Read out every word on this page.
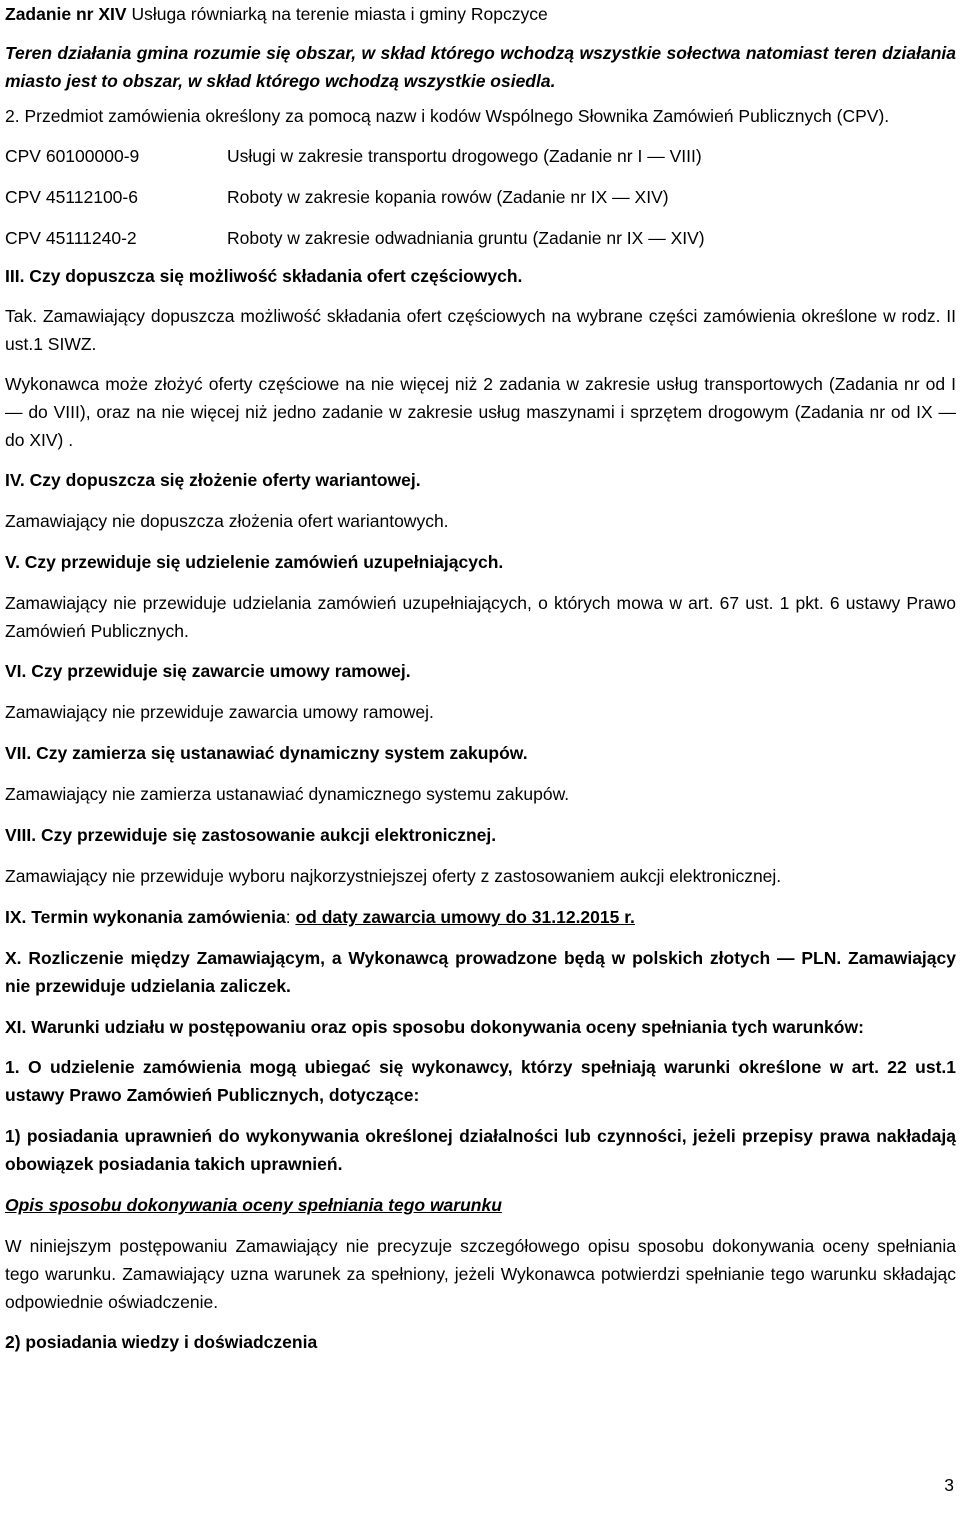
Zadanie nr XIV Usługa równiarką na terenie miasta i gminy Ropczyce

Teren działania gmina rozumie się obszar, w skład którego wchodzą wszystkie sołectwa natomiast teren działania miasto jest to obszar, w skład którego wchodzą wszystkie osiedla.

2. Przedmiot zamówienia określony za pomocą nazw i kodów Wspólnego Słownika Zamówień Publicznych (CPV).

CPV 60100000-9	Usługi w zakresie transportu drogowego (Zadanie nr I — VIII)
CPV 45112100-6	Roboty w zakresie kopania rowów (Zadanie nr IX — XIV)
CPV 45111240-2	Roboty w zakresie odwadniania gruntu (Zadanie nr IX — XIV)

III. Czy dopuszcza się możliwość składania ofert częściowych.

Tak. Zamawiający dopuszcza możliwość składania ofert częściowych na wybrane części zamówienia określone w rodz. II ust.1 SIWZ.

Wykonawca może złożyć oferty częściowe na nie więcej niż 2 zadania w zakresie usług transportowych (Zadania nr od I — do VIII), oraz na nie więcej niż jedno zadanie w zakresie usług maszynami i sprzętem drogowym (Zadania nr od IX — do XIV) .

IV. Czy dopuszcza się złożenie oferty wariantowej.

Zamawiający nie dopuszcza złożenia ofert wariantowych.

V. Czy przewiduje się udzielenie zamówień uzupełniających.

Zamawiający nie przewiduje udzielania zamówień uzupełniających, o których mowa w art. 67 ust. 1 pkt. 6 ustawy Prawo Zamówień Publicznych.

VI. Czy przewiduje się zawarcie umowy ramowej.

Zamawiający nie przewiduje zawarcia umowy ramowej.

VII. Czy zamierza się ustanawiać dynamiczny system zakupów.

Zamawiający nie zamierza ustanawiać dynamicznego systemu zakupów.

VIII. Czy przewiduje się zastosowanie aukcji elektronicznej.

Zamawiający nie przewiduje wyboru najkorzystniejszej oferty z zastosowaniem aukcji elektronicznej.

IX. Termin wykonania zamówienia: od daty zawarcia umowy do 31.12.2015 r.

X. Rozliczenie między Zamawiającym, a Wykonawcą prowadzone będą w polskich złotych — PLN. Zamawiający nie przewiduje udzielania zaliczek.

XI. Warunki udziału w postępowaniu oraz opis sposobu dokonywania oceny spełniania tych warunków:

1. O udzielenie zamówienia mogą ubiegać się wykonawcy, którzy spełniają warunki określone w art. 22 ust.1 ustawy Prawo Zamówień Publicznych, dotyczące:

1) posiadania uprawnień do wykonywania określonej działalności lub czynności, jeżeli przepisy prawa nakładają obowiązek posiadania takich uprawnień.

Opis sposobu dokonywania oceny spełniania tego warunku

W niniejszym postępowaniu Zamawiający nie precyzuje szczegółowego opisu sposobu dokonywania oceny spełniania tego warunku. Zamawiający uzna warunek za spełniony, jeżeli Wykonawca potwierdzi spełnianie tego warunku składając odpowiednie oświadczenie.

2) posiadania wiedzy i doświadczenia

3
